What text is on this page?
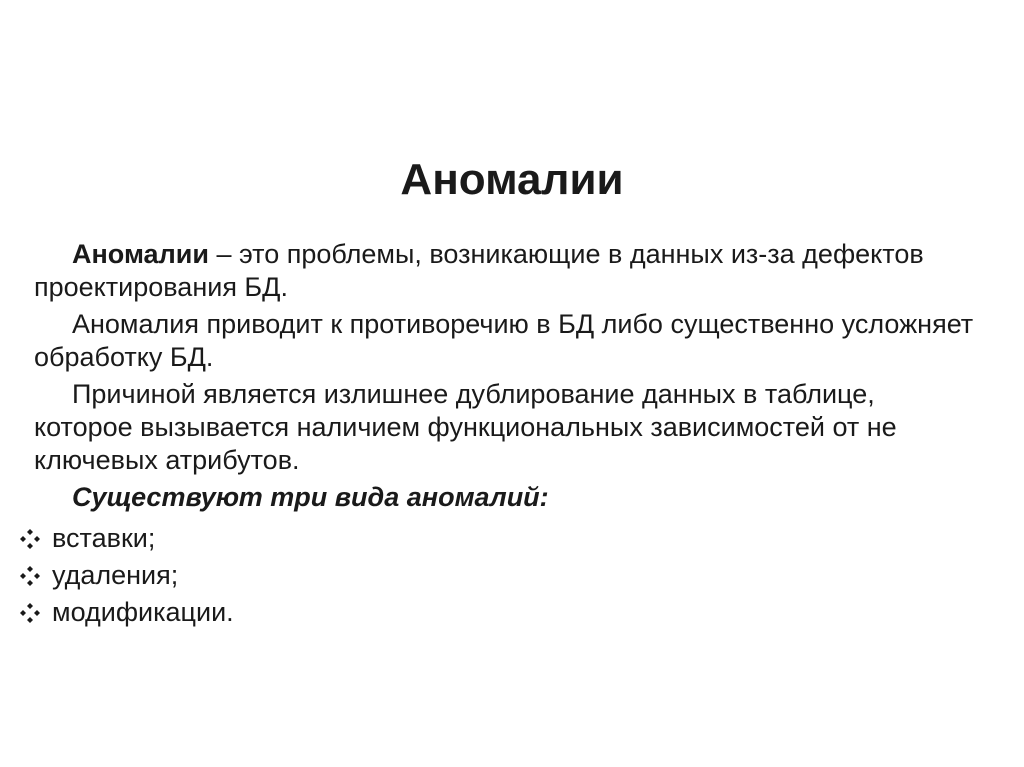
Аномалии

Аномалии – это проблемы, возникающие в данных из-за дефектов проектирования БД.

Аномалия приводит к противоречию в БД либо существенно усложняет обработку БД.

Причиной является излишнее дублирование данных в таблице, которое вызывается наличием функциональных зависимостей от не ключевых атрибутов.

Существуют три вида аномалий:

вставки;
удаления;
модификации.
